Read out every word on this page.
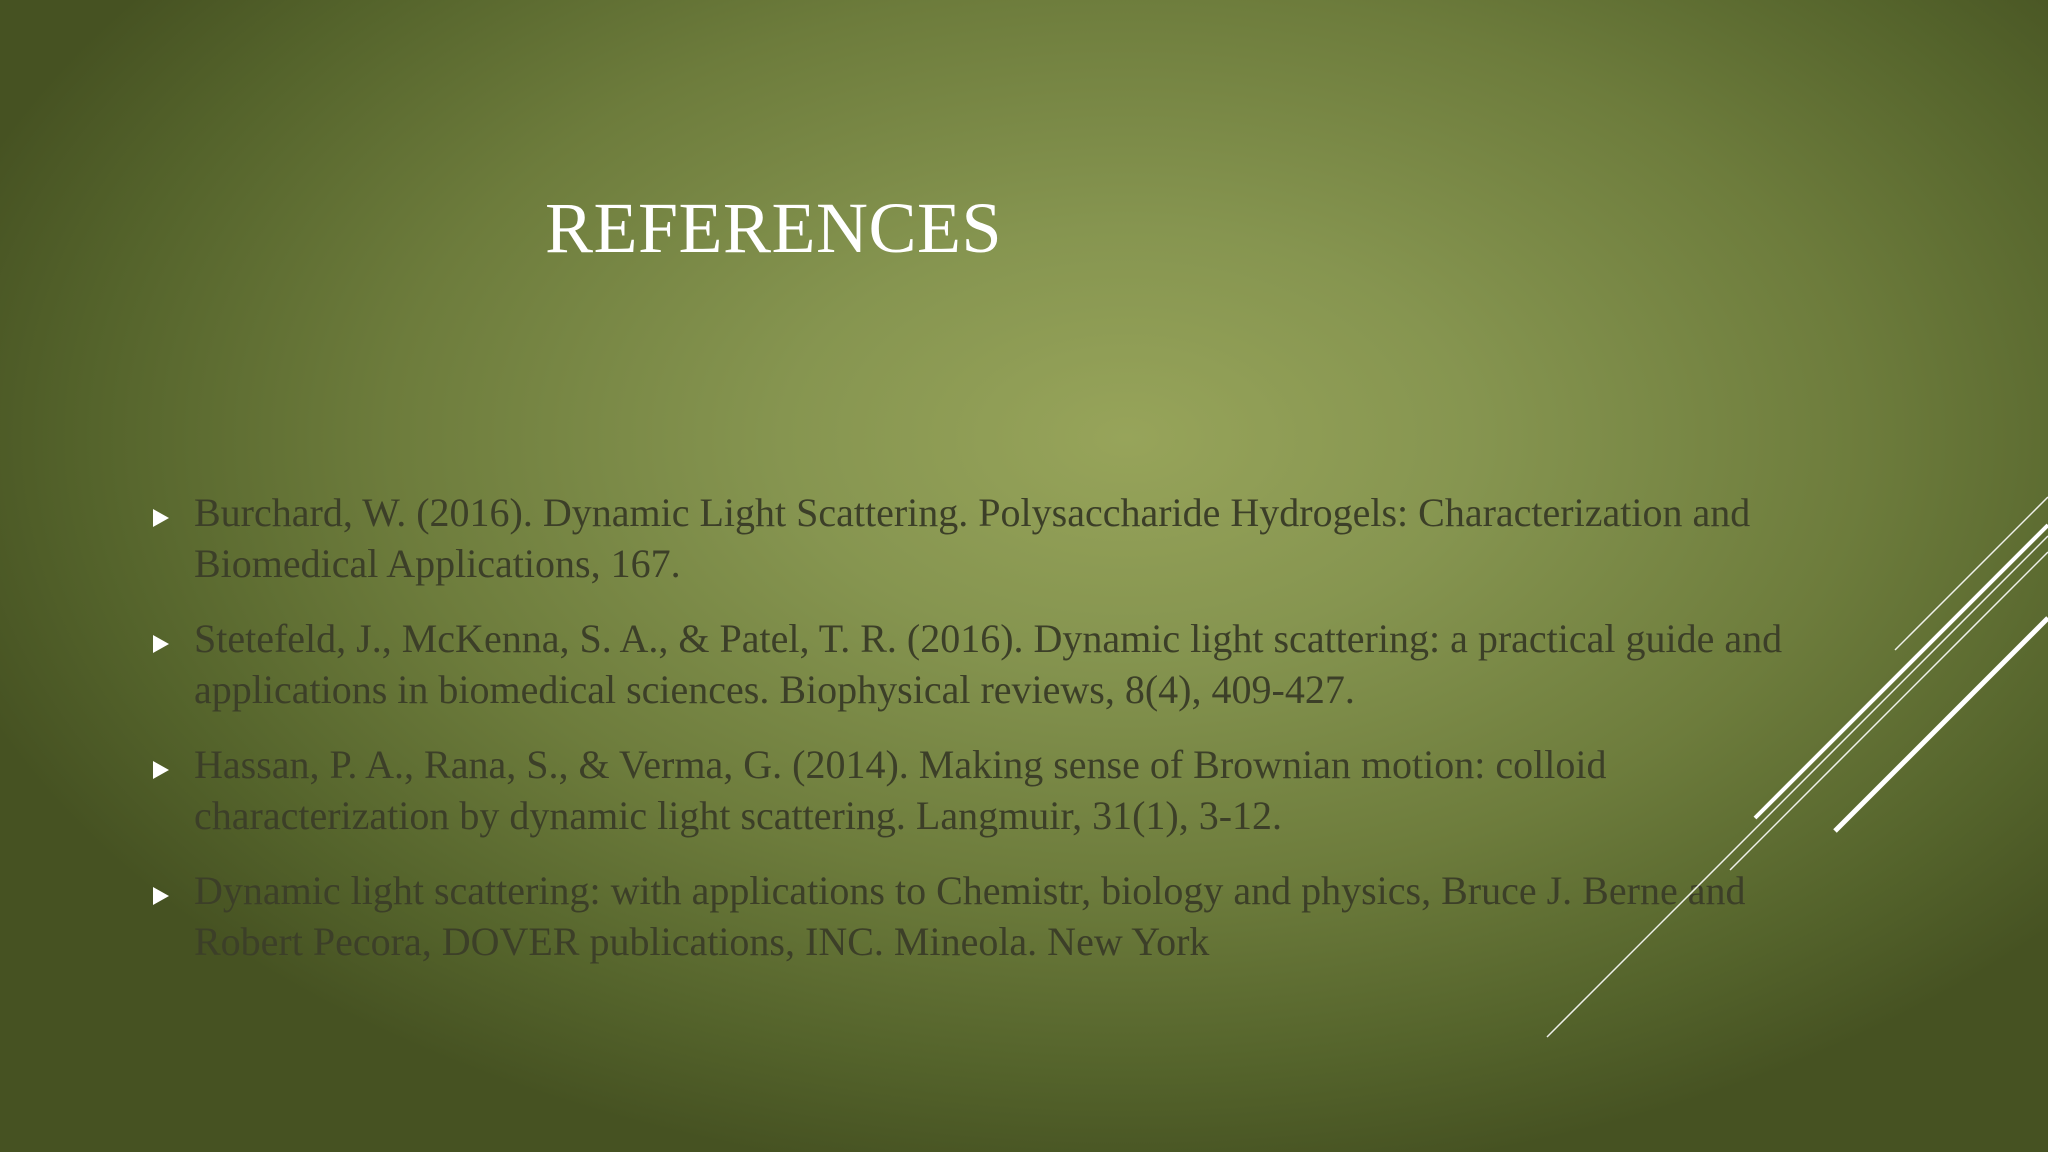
REFERENCES
Burchard, W. (2016). Dynamic Light Scattering. Polysaccharide Hydrogels: Characterization and Biomedical Applications, 167.
Stetefeld, J., McKenna, S. A., & Patel, T. R. (2016). Dynamic light scattering: a practical guide and applications in biomedical sciences. Biophysical reviews, 8(4), 409-427.
Hassan, P. A., Rana, S., & Verma, G. (2014). Making sense of Brownian motion: colloid characterization by dynamic light scattering. Langmuir, 31(1), 3-12.
Dynamic light scattering: with applications to Chemistr, biology and physics, Bruce J. Berne and Robert Pecora, DOVER publications, INC. Mineola. New York
